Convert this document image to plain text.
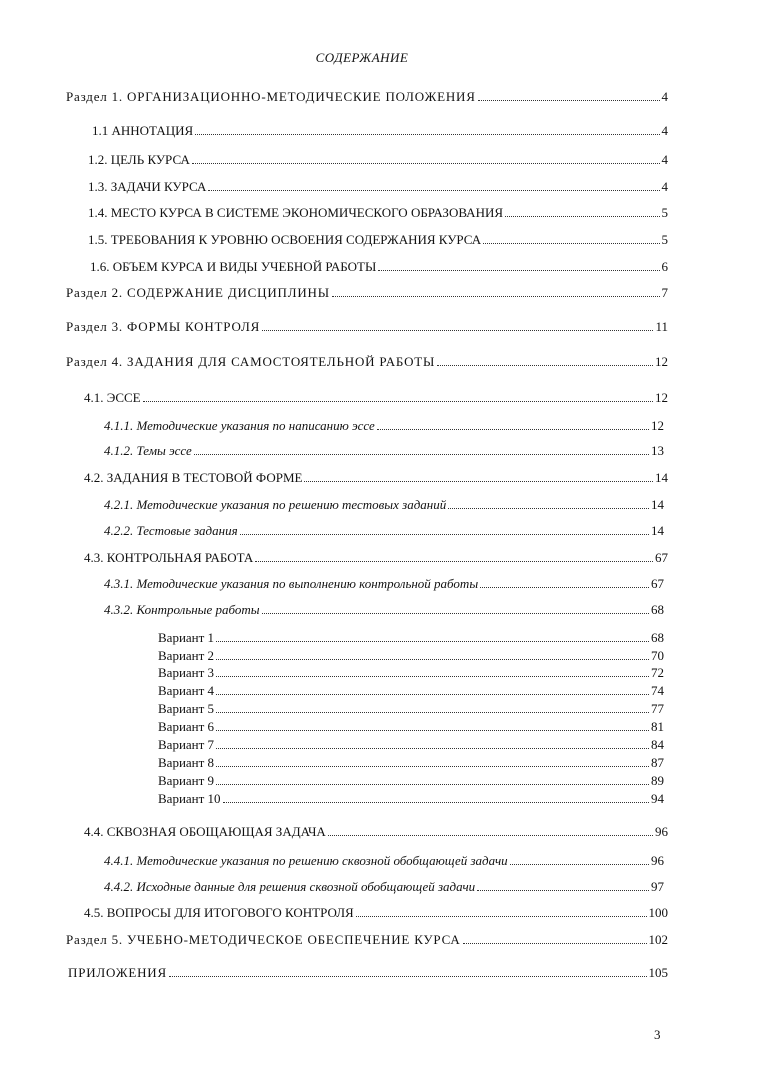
СОДЕРЖАНИЕ
Раздел 1. ОРГАНИЗАЦИОННО-МЕТОДИЧЕСКИЕ ПОЛОЖЕНИЯ	4
1.1 АННОТАЦИЯ	4
1.2. ЦЕЛЬ КУРСА	4
1.3. ЗАДАЧИ КУРСА	4
1.4. МЕСТО КУРСА В СИСТЕМЕ ЭКОНОМИЧЕСКОГО ОБРАЗОВАНИЯ	5
1.5. ТРЕБОВАНИЯ К УРОВНЮ ОСВОЕНИЯ СОДЕРЖАНИЯ КУРСА	5
1.6. ОБЪЕМ КУРСА И ВИДЫ УЧЕБНОЙ РАБОТЫ	6
Раздел 2. СОДЕРЖАНИЕ ДИСЦИПЛИНЫ	7
Раздел 3. ФОРМЫ КОНТРОЛЯ	11
Раздел 4. ЗАДАНИЯ ДЛЯ САМОСТОЯТЕЛЬНОЙ РАБОТЫ	12
4.1. ЭССЕ	12
4.1.1. Методические указания по написанию эссе	12
4.1.2. Темы эссе	13
4.2. ЗАДАНИЯ В ТЕСТОВОЙ ФОРМЕ	14
4.2.1. Методические указания по решению тестовых заданий	14
4.2.2. Тестовые задания	14
4.3. КОНТРОЛЬНАЯ РАБОТА	67
4.3.1. Методические указания по выполнению контрольной работы	67
4.3.2. Контрольные работы	68
Вариант 1	68
Вариант 2	70
Вариант 3	72
Вариант 4	74
Вариант 5	77
Вариант 6	81
Вариант 7	84
Вариант 8	87
Вариант 9	89
Вариант 10	94
4.4. СКВОЗНАЯ ОБОЩАЮЩАЯ ЗАДАЧА	96
4.4.1. Методические указания по решению сквозной обобщающей задачи	96
4.4.2. Исходные данные для решения сквозной обобщающей задачи	97
4.5. ВОПРОСЫ ДЛЯ ИТОГОВОГО КОНТРОЛЯ	100
Раздел 5. УЧЕБНО-МЕТОДИЧЕСКОЕ ОБЕСПЕЧЕНИЕ КУРСА	102
ПРИЛОЖЕНИЯ	105
3
